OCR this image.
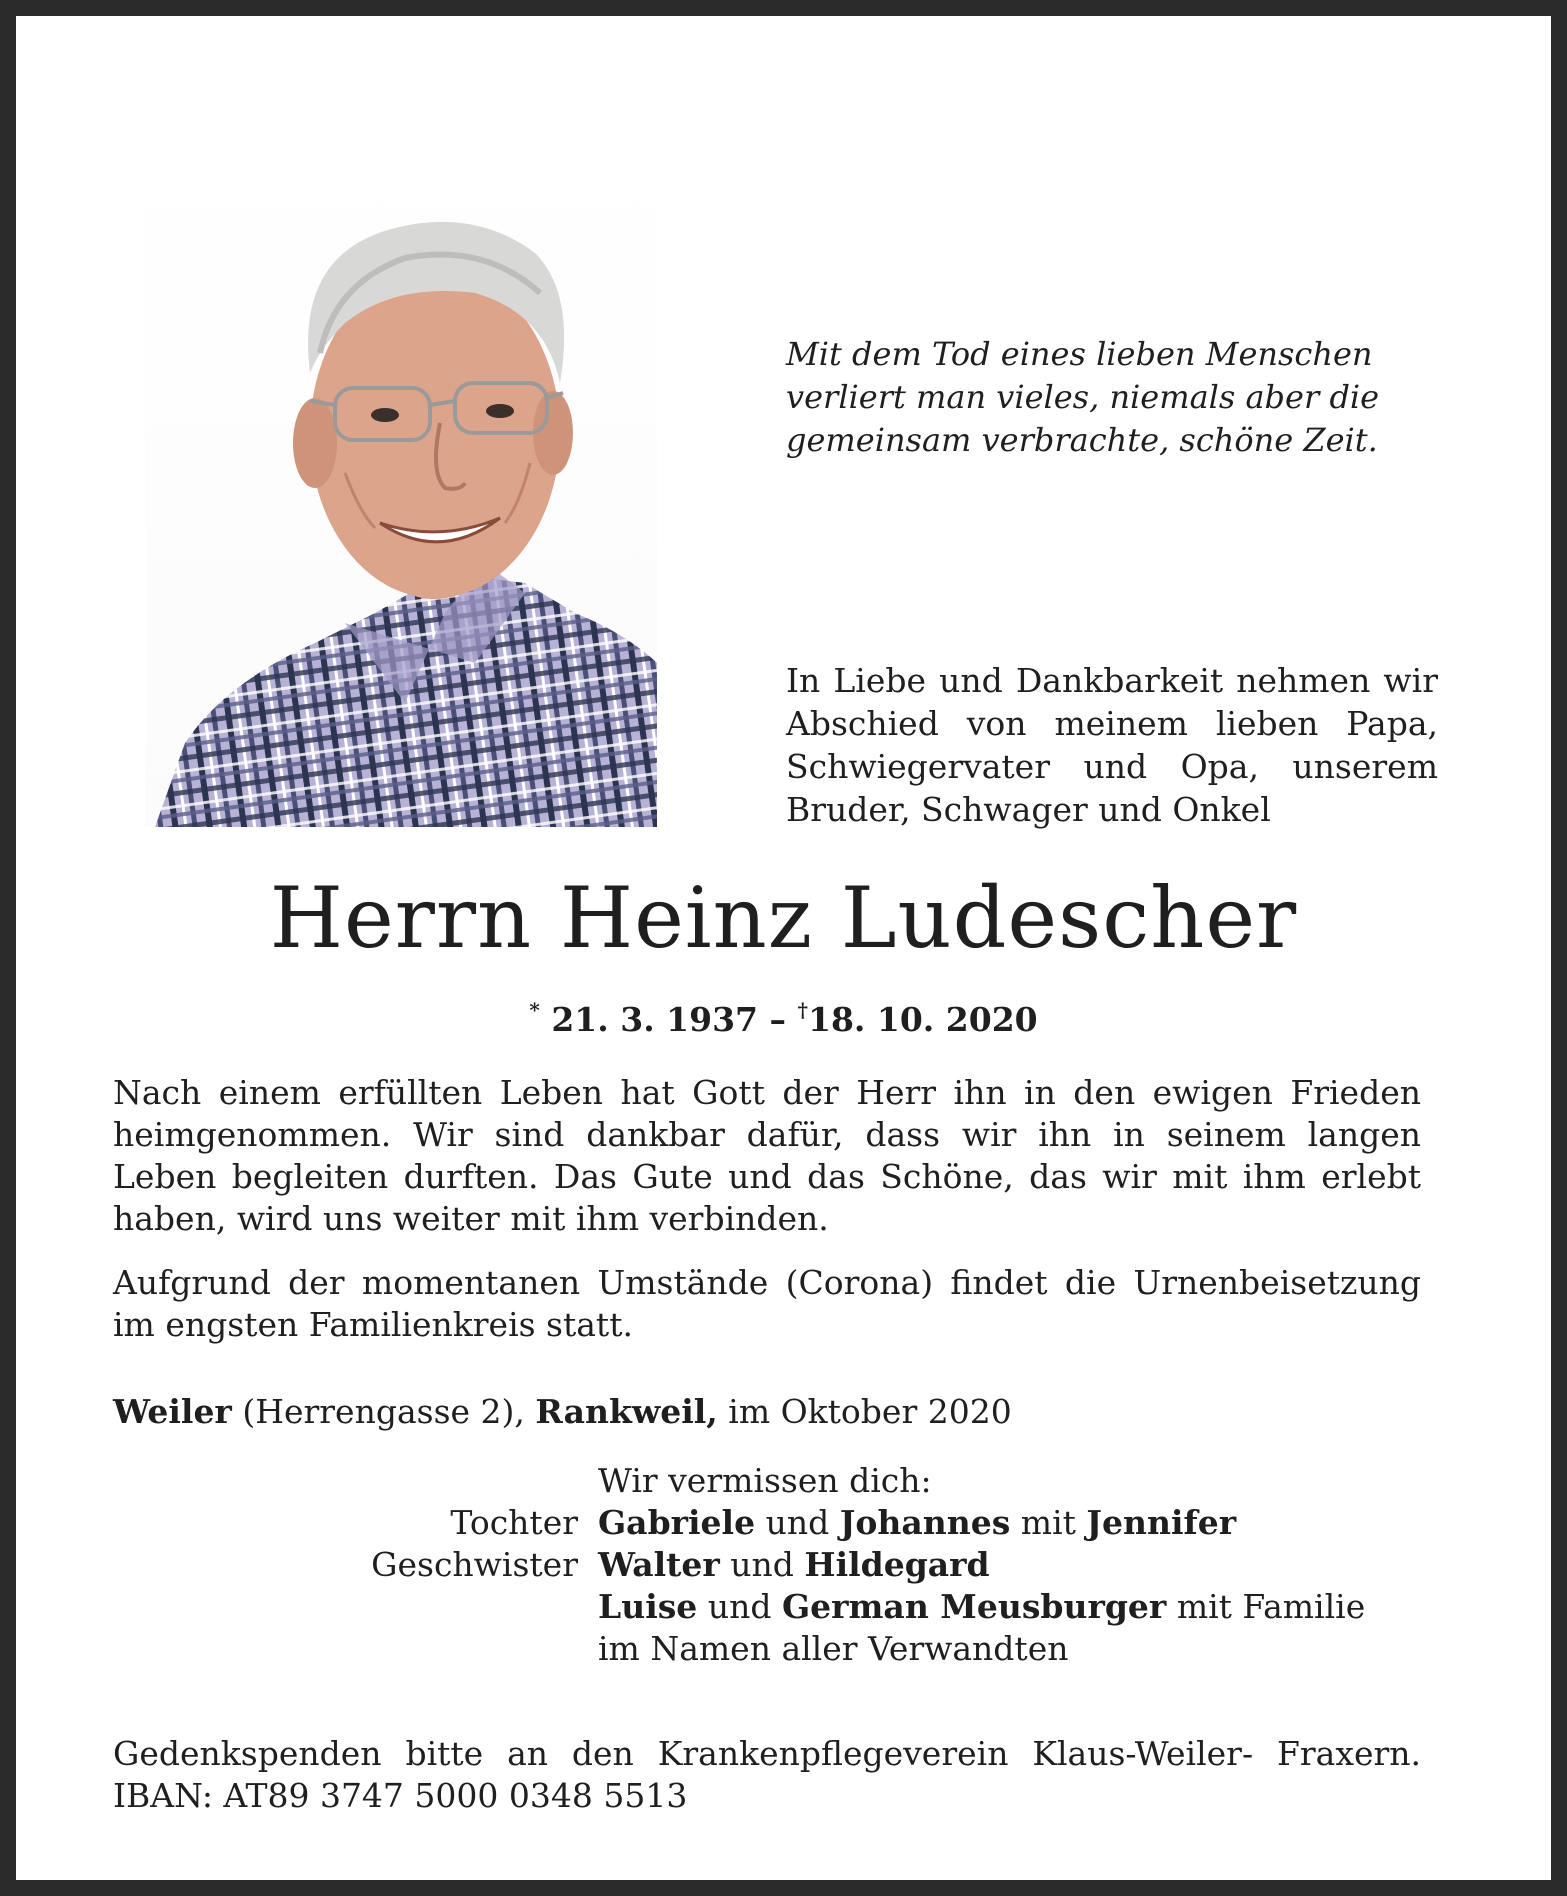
Mit dem Tod eines lieben Menschen
verliert man vieles, niemals aber die
gemeinsam verbrachte, schöne Zeit.

In Liebe und Dankbarkeit nehmen wir
Abschied von meinem lieben Papa,
Schwiegervater und Opa, unserem
Bruder, Schwager und Onkel

Herrn Heinz Ludescher
* 21. 3. 1937 – †18. 10. 2020

Nach einem erfüllten Leben hat Gott der Herr ihn in den ewigen Frieden
heimgenommen. Wir sind dankbar dafür, dass wir ihn in seinem langen
Leben begleiten durften. Das Gute und das Schöne, das wir mit ihm erlebt
haben, wird uns weiter mit ihm verbinden.

Aufgrund der momentanen Umstände (Corona) findet die Urnenbeisetzung
im engsten Familienkreis statt.

Weiler (Herrengasse 2), Rankweil, im Oktober 2020
Wir vermissen dich:
Tochter Gabriele und Johannes mit Jennifer
Geschwister Walter und Hildegard
Luise und German Meusburger mit Familie
im Namen aller Verwandten

Gedenkspenden bitte an den Krankenpflegeverein Klaus-Weiler- Fraxern.
IBAN: AT89 3747 5000 0348 5513
